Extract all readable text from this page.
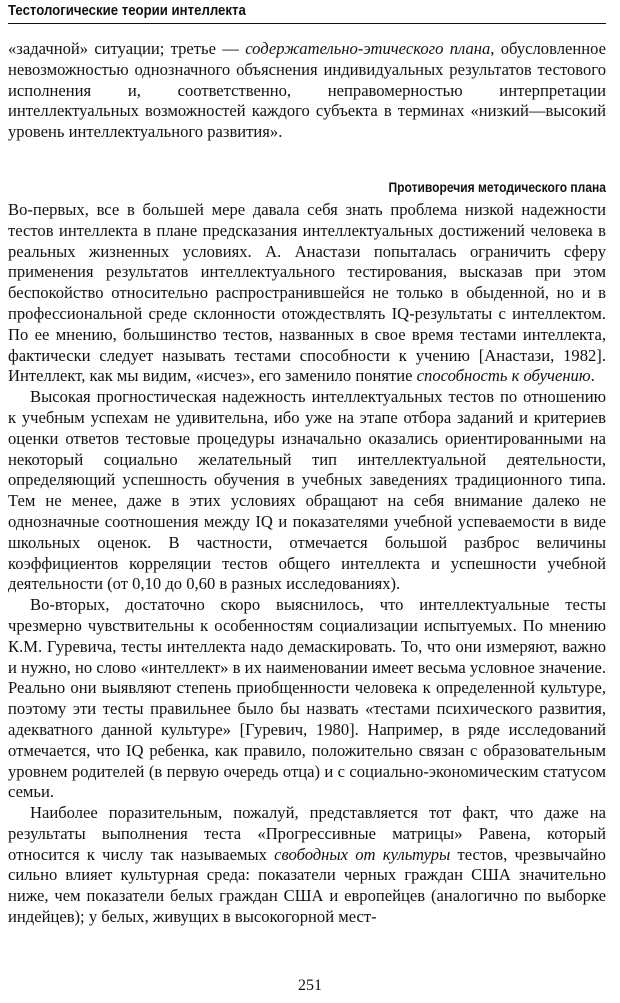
Тестологические теории интеллекта

«задачной» ситуации; третье — содержательно-этического плана, обусловленное невозможностью однозначного объяснения индивидуальных результатов тестового исполнения и, соответственно, неправомерностью интерпретации интеллектуальных возможностей каждого субъекта в терминах «низкий—высокий уровень интеллектуального развития».

Противоречия методического плана

Во-первых, все в большей мере давала себя знать проблема низкой надежности тестов интеллекта в плане предсказания интеллектуальных достижений человека в реальных жизненных условиях. А. Анастази попыталась ограничить сферу применения результатов интеллектуального тестирования, высказав при этом беспокойство относительно распространившейся не только в обыденной, но и в профессиональной среде склонности отождествлять IQ-результаты с интеллектом. По ее мнению, большинство тестов, названных в свое время тестами интеллекта, фактически следует называть тестами способности к учению [Анастази, 1982]. Интеллект, как мы видим, «исчез», его заменило понятие способность к обучению.

Высокая прогностическая надежность интеллектуальных тестов по отношению к учебным успехам не удивительна, ибо уже на этапе отбора заданий и критериев оценки ответов тестовые процедуры изначально оказались ориентированными на некоторый социально желательный тип интеллектуальной деятельности, определяющий успешность обучения в учебных заведениях традиционного типа. Тем не менее, даже в этих условиях обращают на себя внимание далеко не однозначные соотношения между IQ и показателями учебной успеваемости в виде школьных оценок. В частности, отмечается большой разброс величины коэффициентов корреляции тестов общего интеллекта и успешности учебной деятельности (от 0,10 до 0,60 в разных исследованиях).

Во-вторых, достаточно скоро выяснилось, что интеллектуальные тесты чрезмерно чувствительны к особенностям социализации испытуемых. По мнению К.М. Гуревича, тесты интеллекта надо демаскировать. То, что они измеряют, важно и нужно, но слово «интеллект» в их наименовании имеет весьма условное значение. Реально они выявляют степень приобщенности человека к определенной культуре, поэтому эти тесты правильнее было бы назвать «тестами психического развития, адекватного данной культуре» [Гуревич, 1980]. Например, в ряде исследований отмечается, что IQ ребенка, как правило, положительно связан с образовательным уровнем родителей (в первую очередь отца) и с социально-экономическим статусом семьи.

Наиболее поразительным, пожалуй, представляется тот факт, что даже на результаты выполнения теста «Прогрессивные матрицы» Равена, который относится к числу так называемых свободных от культуры тестов, чрезвычайно сильно влияет культурная среда: показатели черных граждан США значительно ниже, чем показатели белых граждан США и европейцев (аналогично по выборке индейцев); у белых, живущих в высокогорной мест-

251
